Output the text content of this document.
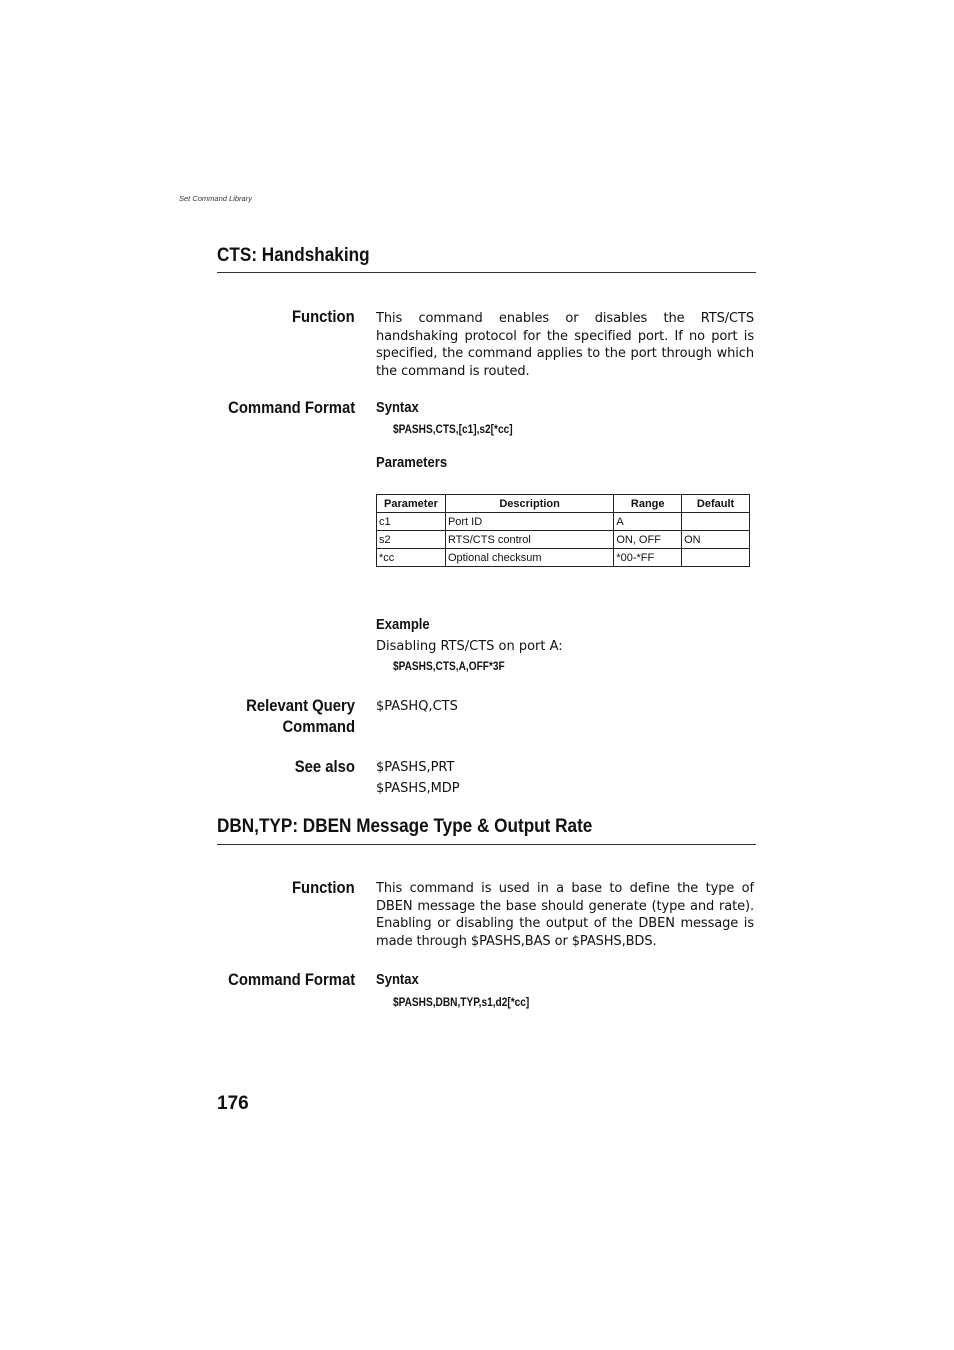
Set Command Library
CTS: Handshaking
Function This command enables or disables the RTS/CTS handshaking protocol for the specified port. If no port is specified, the command applies to the port through which the command is routed.
Command Format Syntax
$PASHS,CTS,[c1],s2[*cc]
Parameters
Parameter	Description	Range	Default
c1	Port ID	A	
s2	RTS/CTS control	ON, OFF	ON
*cc	Optional checksum	*00-*FF	
Example
Disabling RTS/CTS on port A:
$PASHS,CTS,A,OFF*3F
Relevant Query
Command
$PASHQ,CTS
See also $PASHS,PRT
$PASHS,MDP
DBN,TYP: DBEN Message Type & Output Rate
Function This command is used in a base to define the type of DBEN message the base should generate (type and rate). Enabling or disabling the output of the DBEN message is made through $PASHS,BAS or $PASHS,BDS.
Command Format Syntax
$PASHS,DBN,TYP,s1,d2[*cc]
176
